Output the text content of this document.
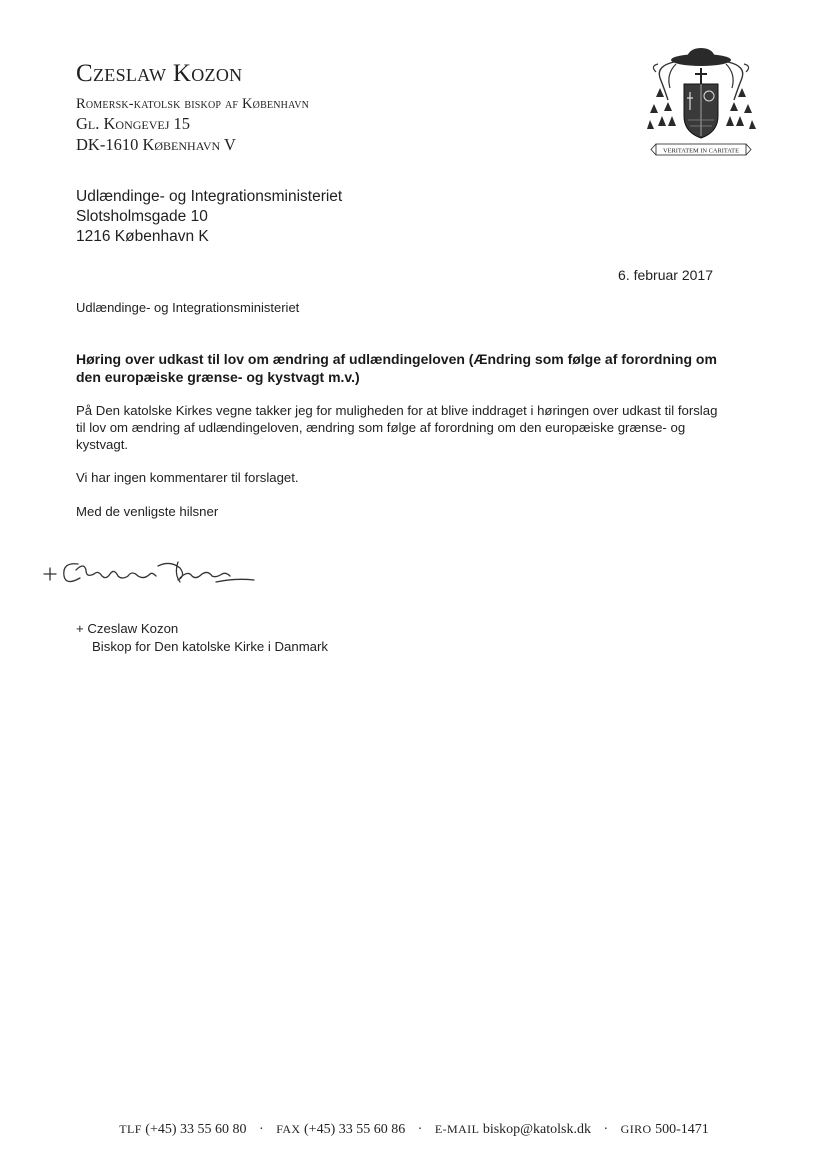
Czeslaw Kozon
Romersk-katolsk biskop af København
Gl. Kongevej 15
DK-1610 København V	VERITATEM IN CARITATE
Udlændinge- og Integrationsministeriet
Slotsholmsgade 10
1216 København K
6. februar 2017
Udlændinge- og Integrationsministeriet
Høring over udkast til lov om ændring af udlændingeloven (Ændring som følge af forordning om den europæiske grænse- og kystvagt m.v.)
På Den katolske Kirkes vegne takker jeg for muligheden for at blive inddraget i høringen over udkast til forslag til lov om ændring af udlændingeloven, ændring som følge af forordning om den europæiske grænse- og kystvagt.
Vi har ingen kommentarer til forslaget.
Med de venligste hilsner
+ Czeslaw Kozon
Biskop for Den katolske Kirke i Danmark
TLF (+45) 33 55 60 80 · FAX (+45) 33 55 60 86 · E-MAIL biskop@katolsk.dk · GIRO 500-1471
